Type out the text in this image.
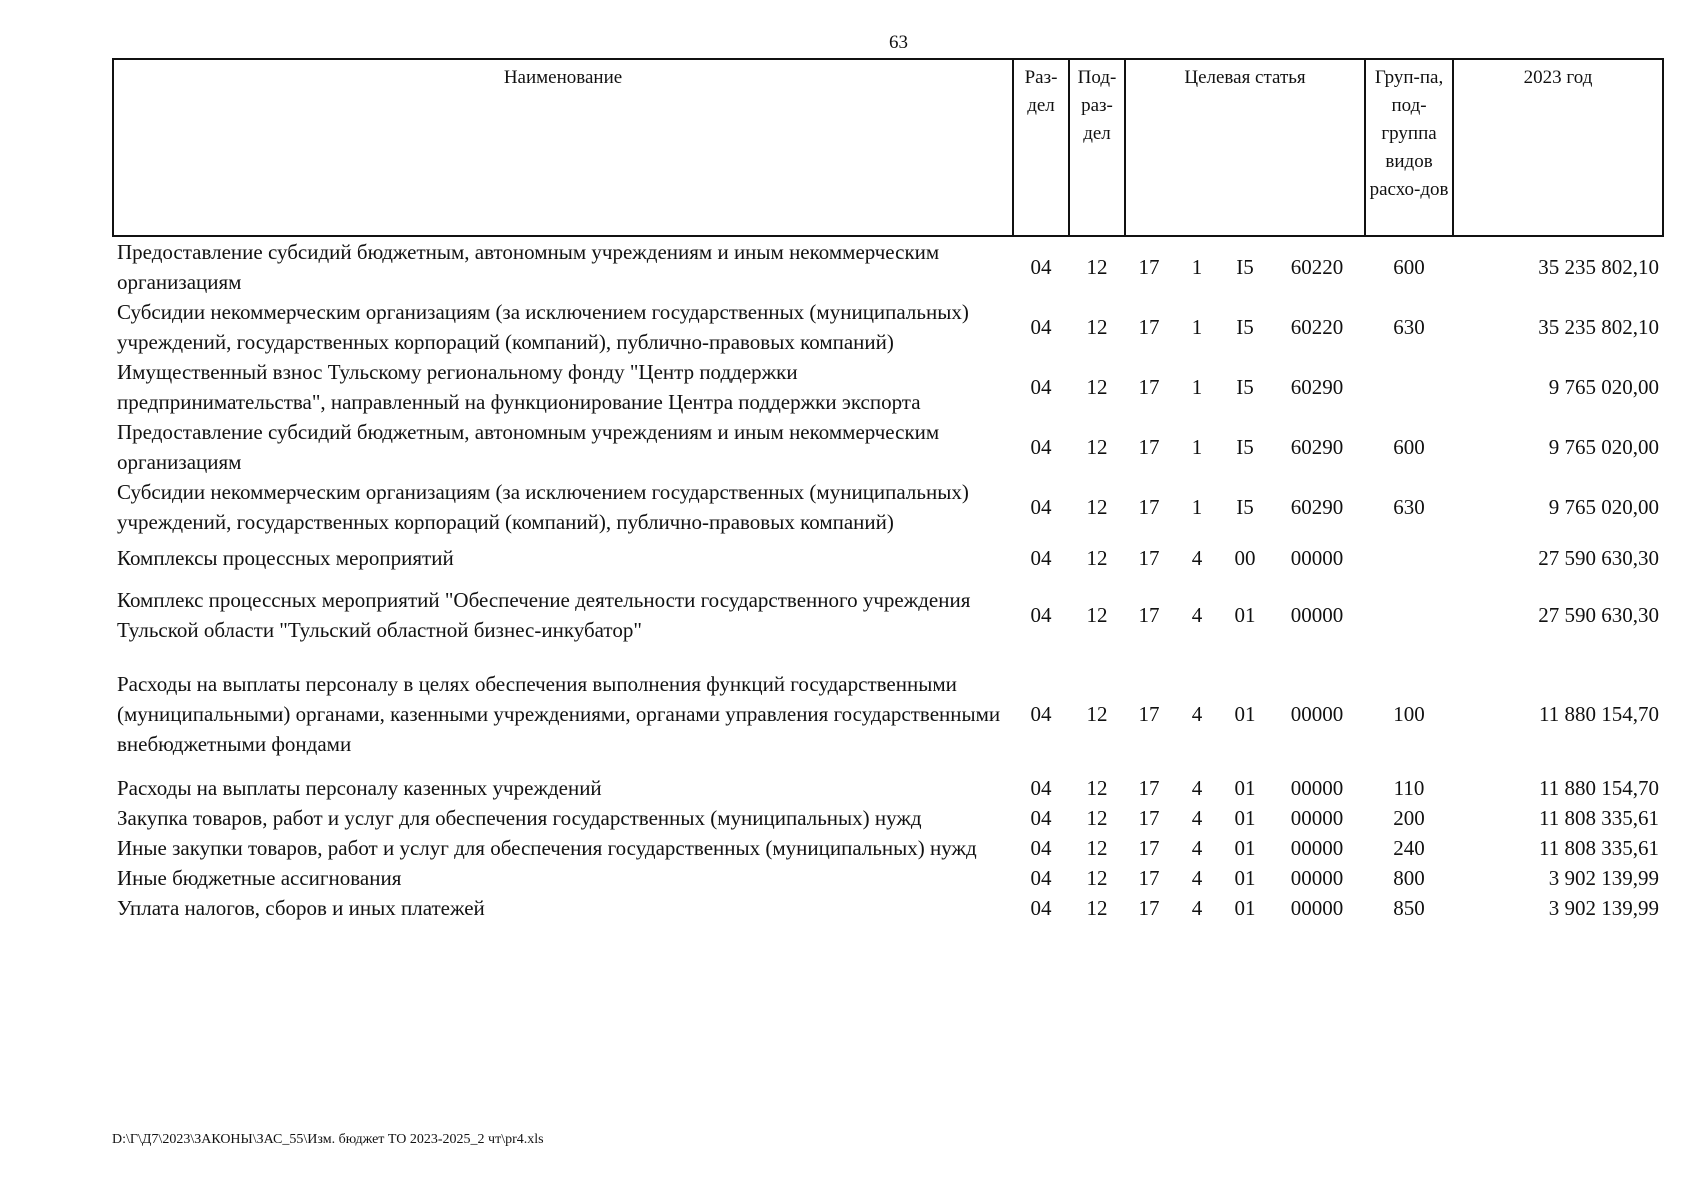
63
Наименование	Раз-дел	Под-раз-дел	Целевая статья				Груп-па, под-группа видов расхо-дов	2023 год
Предоставление субсидий бюджетным, автономным учреждениям и иным некоммерческим организациям	04	12	17	1	I5	60220	600	35 235 802,10
Субсидии некоммерческим организациям (за исключением государственных (муниципальных) учреждений, государственных корпораций (компаний), публично-правовых компаний)	04	12	17	1	I5	60220	630	35 235 802,10
Имущественный взнос Тульскому региональному фонду "Центр поддержки предпринимательства", направленный на функционирование Центра поддержки экспорта	04	12	17	1	I5	60290		9 765 020,00
Предоставление субсидий бюджетным, автономным учреждениям и иным некоммерческим организациям	04	12	17	1	I5	60290	600	9 765 020,00
Субсидии некоммерческим организациям (за исключением государственных (муниципальных) учреждений, государственных корпораций (компаний), публично-правовых компаний)	04	12	17	1	I5	60290	630	9 765 020,00
Комплексы процессных мероприятий	04	12	17	4	00	00000		27 590 630,30
Комплекс процессных мероприятий "Обеспечение деятельности государственного учреждения Тульской области "Тульский областной бизнес-инкубатор"	04	12	17	4	01	00000		27 590 630,30
Расходы на выплаты персоналу в целях обеспечения выполнения функций государственными (муниципальными) органами, казенными учреждениями, органами управления государственными внебюджетными фондами	04	12	17	4	01	00000	100	11 880 154,70
Расходы на выплаты персоналу казенных учреждений	04	12	17	4	01	00000	110	11 880 154,70
Закупка товаров, работ и услуг для обеспечения государственных (муниципальных) нужд	04	12	17	4	01	00000	200	11 808 335,61
Иные закупки товаров, работ и услуг для обеспечения государственных (муниципальных) нужд	04	12	17	4	01	00000	240	11 808 335,61
Иные бюджетные ассигнования	04	12	17	4	01	00000	800	3 902 139,99
Уплата налогов, сборов и иных платежей	04	12	17	4	01	00000	850	3 902 139,99
D:\Г\Д7\2023\ЗАКОНЫ\ЗАС_55\Изм. бюджет ТО 2023-2025_2 чт\pr4.xls
